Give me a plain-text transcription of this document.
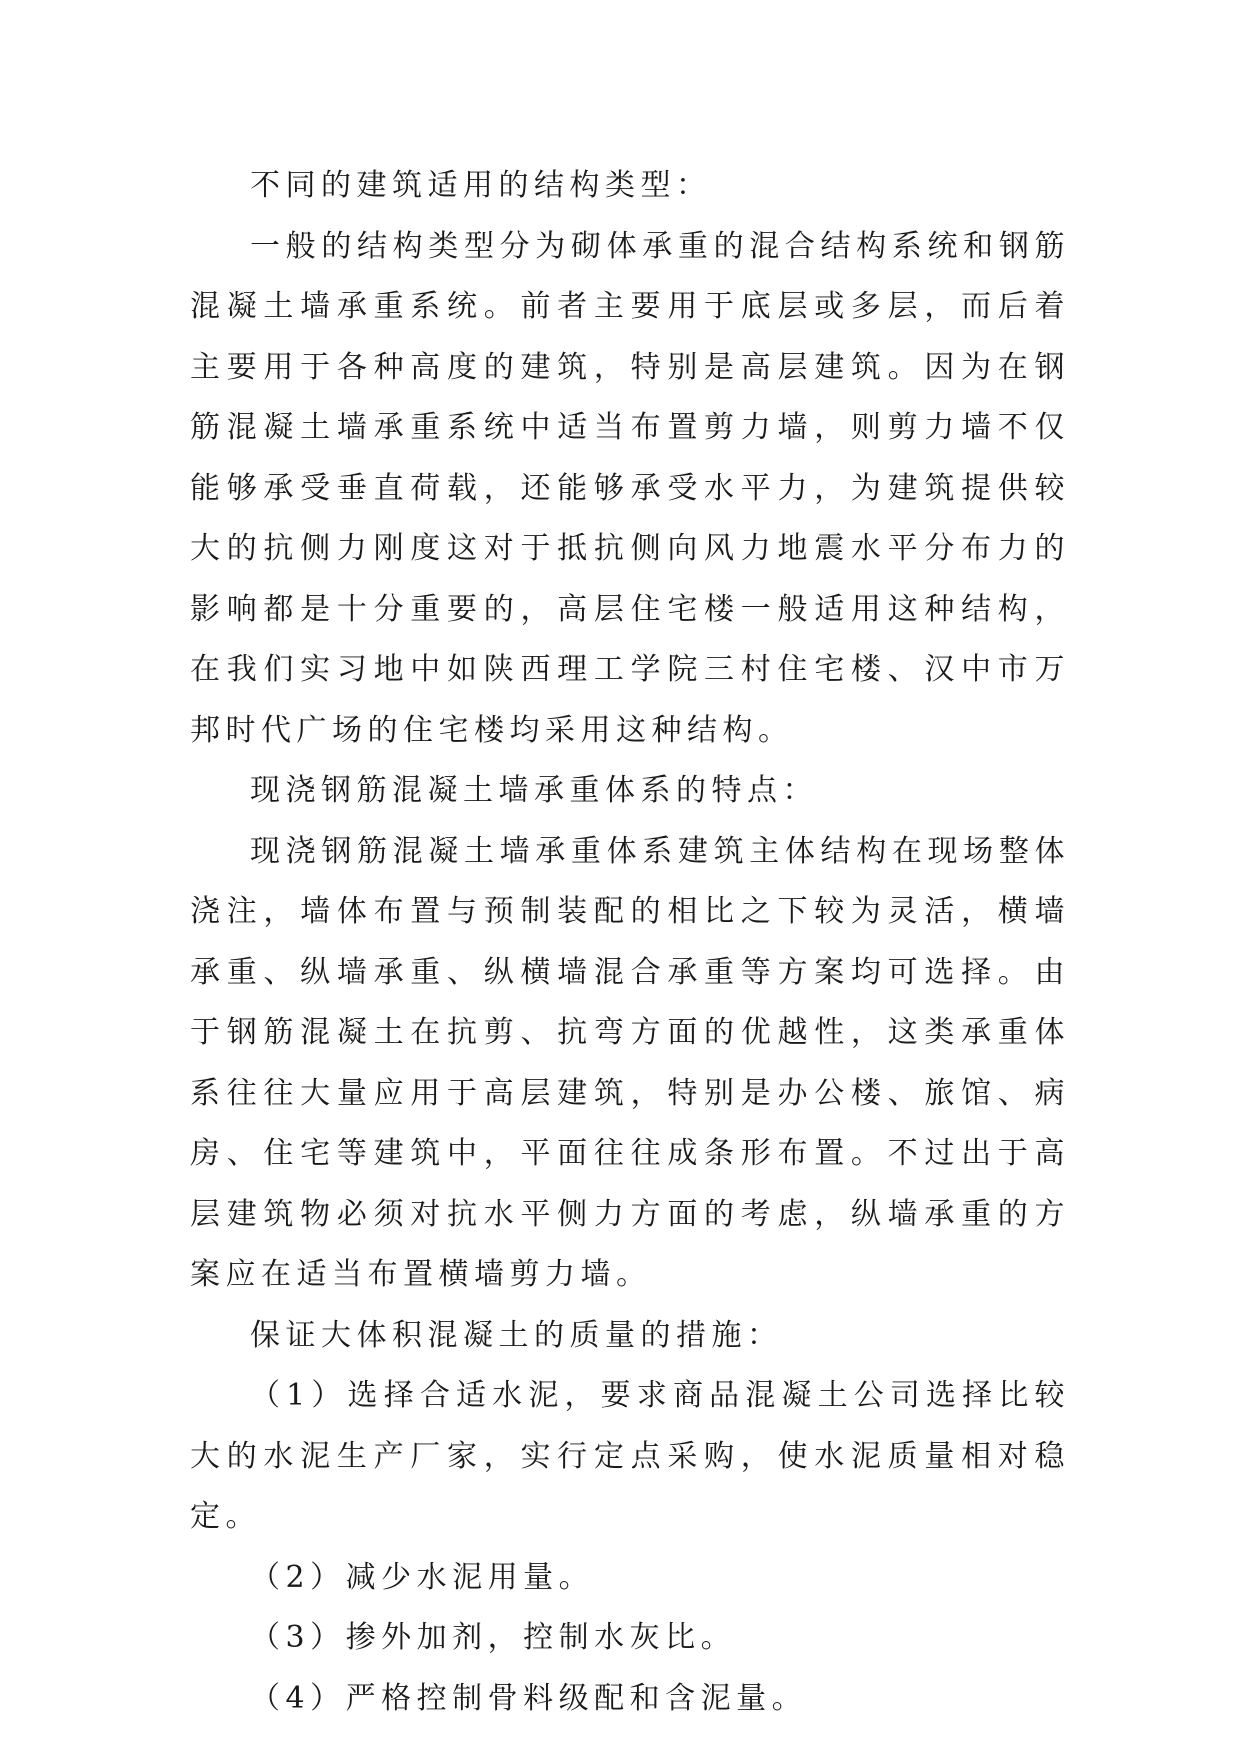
不同的建筑适用的结构类型：

一般的结构类型分为砌体承重的混合结构系统和钢筋混凝土墙承重系统。前者主要用于底层或多层，而后着主要用于各种高度的建筑，特别是高层建筑。因为在钢筋混凝土墙承重系统中适当布置剪力墙，则剪力墙不仅能够承受垂直荷载，还能够承受水平力，为建筑提供较大的抗侧力刚度这对于抵抗侧向风力地震水平分布力的影响都是十分重要的，高层住宅楼一般适用这种结构，在我们实习地中如陕西理工学院三村住宅楼、汉中市万邦时代广场的住宅楼均采用这种结构。

现浇钢筋混凝土墙承重体系的特点：

现浇钢筋混凝土墙承重体系建筑主体结构在现场整体浇注，墙体布置与预制装配的相比之下较为灵活，横墙承重、纵墙承重、纵横墙混合承重等方案均可选择。由于钢筋混凝土在抗剪、抗弯方面的优越性，这类承重体系往往大量应用于高层建筑，特别是办公楼、旅馆、病房、住宅等建筑中，平面往往成条形布置。不过出于高层建筑物必须对抗水平侧力方面的考虑，纵墙承重的方案应在适当布置横墙剪力墙。

保证大体积混凝土的质量的措施：

（1）选择合适水泥，要求商品混凝土公司选择比较大的水泥生产厂家，实行定点采购，使水泥质量相对稳定。

（2）减少水泥用量。

（3）掺外加剂，控制水灰比。

（4）严格控制骨料级配和含泥量。
